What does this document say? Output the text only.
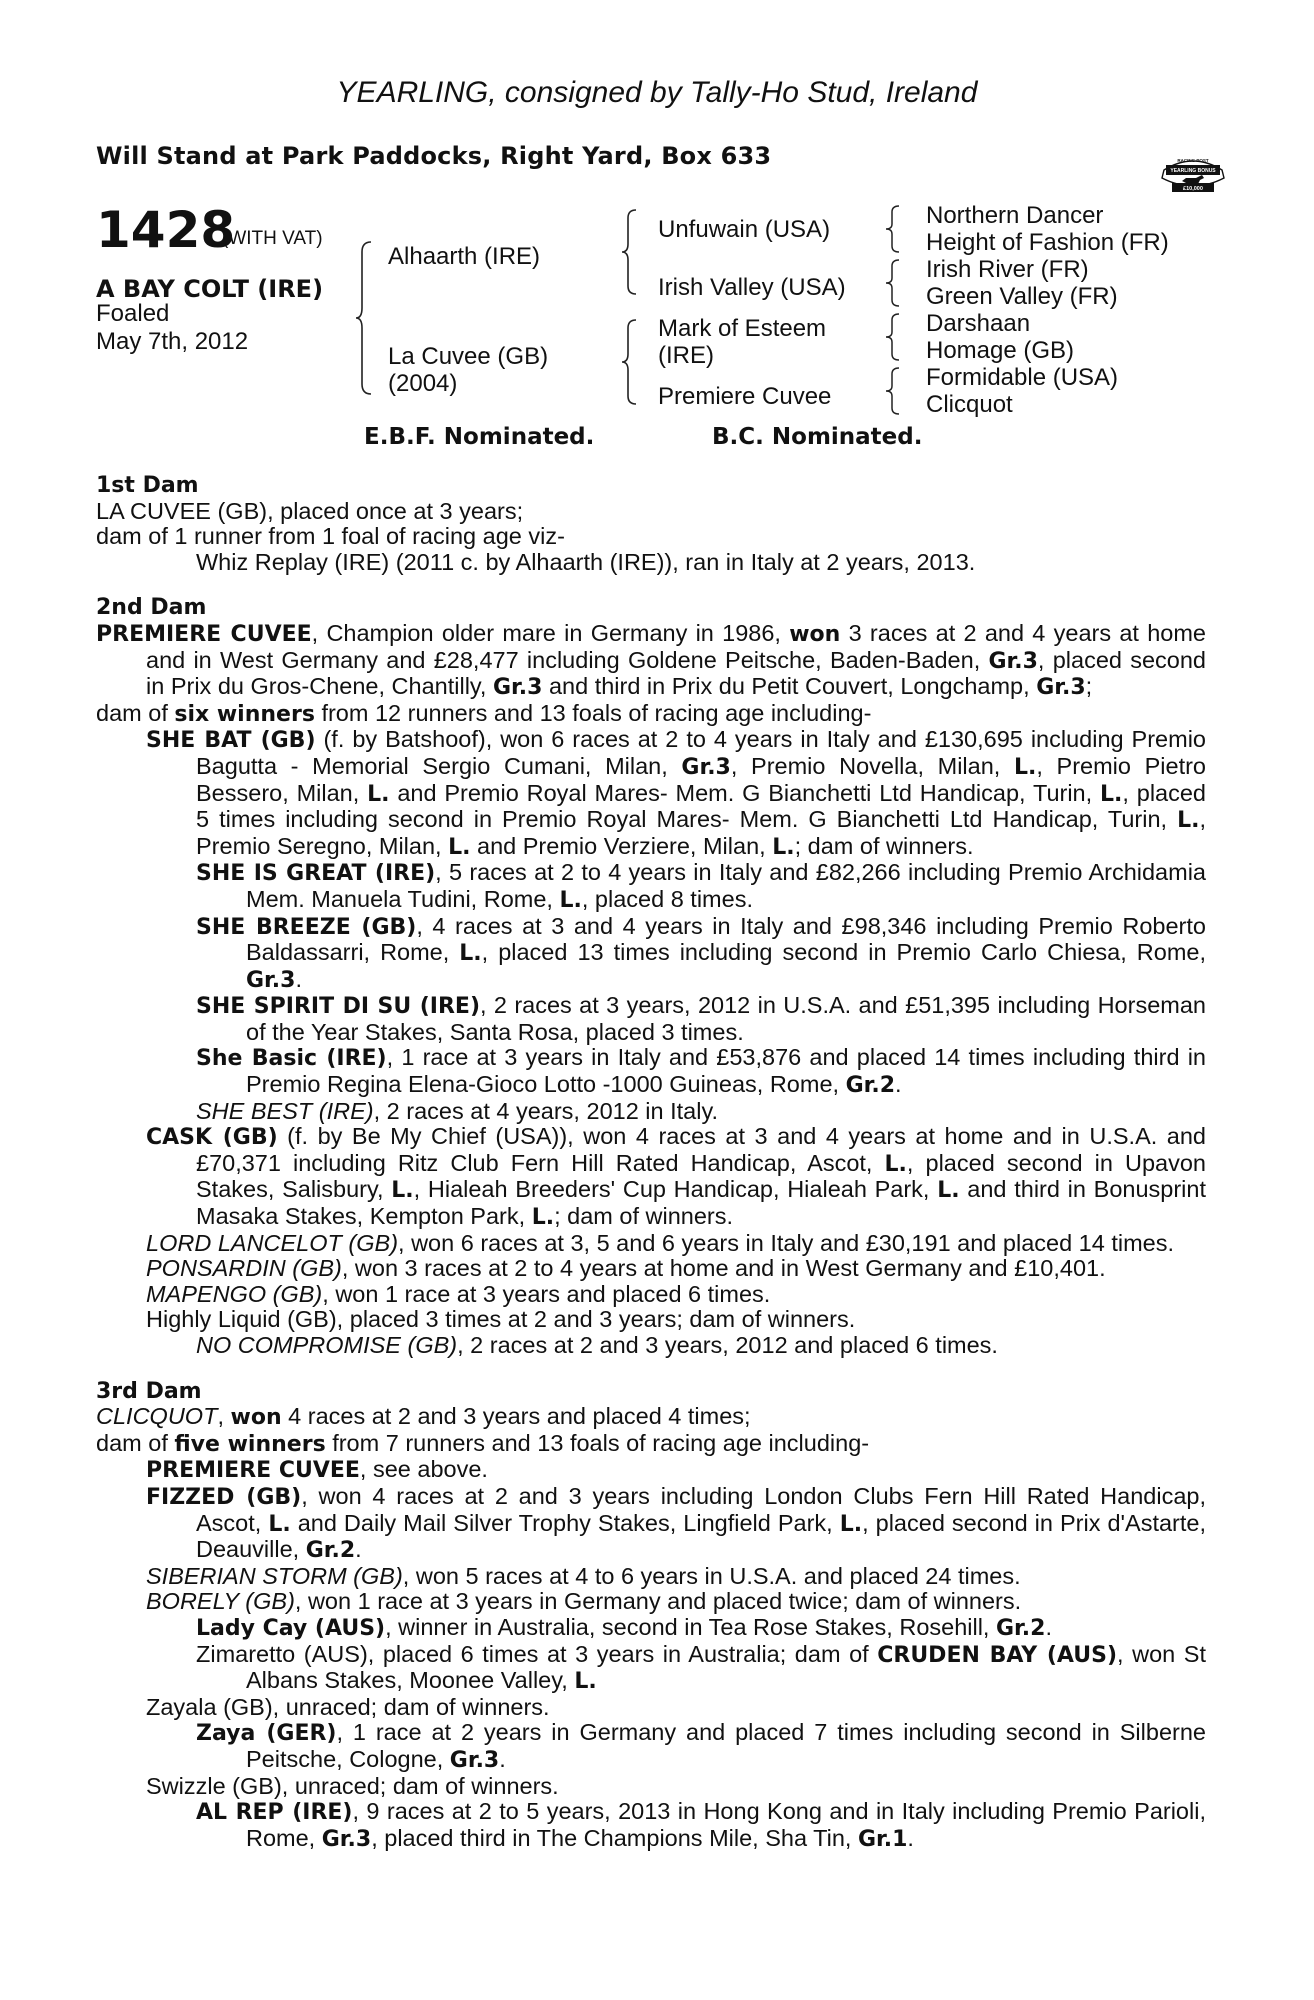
YEARLING, consigned by Tally-Ho Stud, Ireland
Will Stand at Park Paddocks, Right Yard, Box 633	RACING POST
YEARLING BONUS
£10,000
1428
(WITH VAT)
A BAY COLT (IRE)
Foaled
May 7th, 2012
Alhaarth (IRE)
La Cuvee (GB)
(2004)
Unfuwain (USA)
Irish Valley (USA)
Mark of Esteem
(IRE)
Premiere Cuvee
Northern Dancer
Height of Fashion (FR)
Irish River (FR)
Green Valley (FR)
Darshaan
Homage (GB)
Formidable (USA)
Clicquot
E.B.F. Nominated.	B.C. Nominated.

1st Dam

LA CUVEE (GB), placed once at 3 years;

dam of 1 runner from 1 foal of racing age viz-

Whiz Replay (IRE) (2011 c. by Alhaarth (IRE)), ran in Italy at 2 years, 2013.

2nd Dam

PREMIERE CUVEE, Champion older mare in Germany in 1986, won 3 races at 2 and 4 years at home and in West Germany and £28,477 including Goldene Peitsche, Baden-Baden, Gr.3, placed second in Prix du Gros-Chene, Chantilly, Gr.3 and third in Prix du Petit Couvert, Longchamp, Gr.3;

dam of six winners from 12 runners and 13 foals of racing age including-

SHE BAT (GB) (f. by Batshoof), won 6 races at 2 to 4 years in Italy and £130,695 including Premio Bagutta - Memorial Sergio Cumani, Milan, Gr.3, Premio Novella, Milan, L., Premio Pietro Bessero, Milan, L. and Premio Royal Mares- Mem. G Bianchetti Ltd Handicap, Turin, L., placed 5 times including second in Premio Royal Mares- Mem. G Bianchetti Ltd Handicap, Turin, L., Premio Seregno, Milan, L. and Premio Verziere, Milan, L.; dam of winners.

SHE IS GREAT (IRE), 5 races at 2 to 4 years in Italy and £82,266 including Premio Archidamia Mem. Manuela Tudini, Rome, L., placed 8 times.

SHE BREEZE (GB), 4 races at 3 and 4 years in Italy and £98,346 including Premio Roberto Baldassarri, Rome, L., placed 13 times including second in Premio Carlo Chiesa, Rome, Gr.3.

SHE SPIRIT DI SU (IRE), 2 races at 3 years, 2012 in U.S.A. and £51,395 including Horseman of the Year Stakes, Santa Rosa, placed 3 times.

She Basic (IRE), 1 race at 3 years in Italy and £53,876 and placed 14 times including third in Premio Regina Elena-Gioco Lotto -1000 Guineas, Rome, Gr.2.

SHE BEST (IRE), 2 races at 4 years, 2012 in Italy.

CASK (GB) (f. by Be My Chief (USA)), won 4 races at 3 and 4 years at home and in U.S.A. and £70,371 including Ritz Club Fern Hill Rated Handicap, Ascot, L., placed second in Upavon Stakes, Salisbury, L., Hialeah Breeders' Cup Handicap, Hialeah Park, L. and third in Bonusprint Masaka Stakes, Kempton Park, L.; dam of winners.

LORD LANCELOT (GB), won 6 races at 3, 5 and 6 years in Italy and £30,191 and placed 14 times.

PONSARDIN (GB), won 3 races at 2 to 4 years at home and in West Germany and £10,401.

MAPENGO (GB), won 1 race at 3 years and placed 6 times.

Highly Liquid (GB), placed 3 times at 2 and 3 years; dam of winners.

NO COMPROMISE (GB), 2 races at 2 and 3 years, 2012 and placed 6 times.

3rd Dam

CLICQUOT, won 4 races at 2 and 3 years and placed 4 times;

dam of five winners from 7 runners and 13 foals of racing age including-

PREMIERE CUVEE, see above.

FIZZED (GB), won 4 races at 2 and 3 years including London Clubs Fern Hill Rated Handicap, Ascot, L. and Daily Mail Silver Trophy Stakes, Lingfield Park, L., placed second in Prix d'Astarte, Deauville, Gr.2.

SIBERIAN STORM (GB), won 5 races at 4 to 6 years in U.S.A. and placed 24 times.

BORELY (GB), won 1 race at 3 years in Germany and placed twice; dam of winners.

Lady Cay (AUS), winner in Australia, second in Tea Rose Stakes, Rosehill, Gr.2.

Zimaretto (AUS), placed 6 times at 3 years in Australia; dam of CRUDEN BAY (AUS), won St Albans Stakes, Moonee Valley, L.

Zayala (GB), unraced; dam of winners.

Zaya (GER), 1 race at 2 years in Germany and placed 7 times including second in Silberne Peitsche, Cologne, Gr.3.

Swizzle (GB), unraced; dam of winners.

AL REP (IRE), 9 races at 2 to 5 years, 2013 in Hong Kong and in Italy including Premio Parioli, Rome, Gr.3, placed third in The Champions Mile, Sha Tin, Gr.1.
